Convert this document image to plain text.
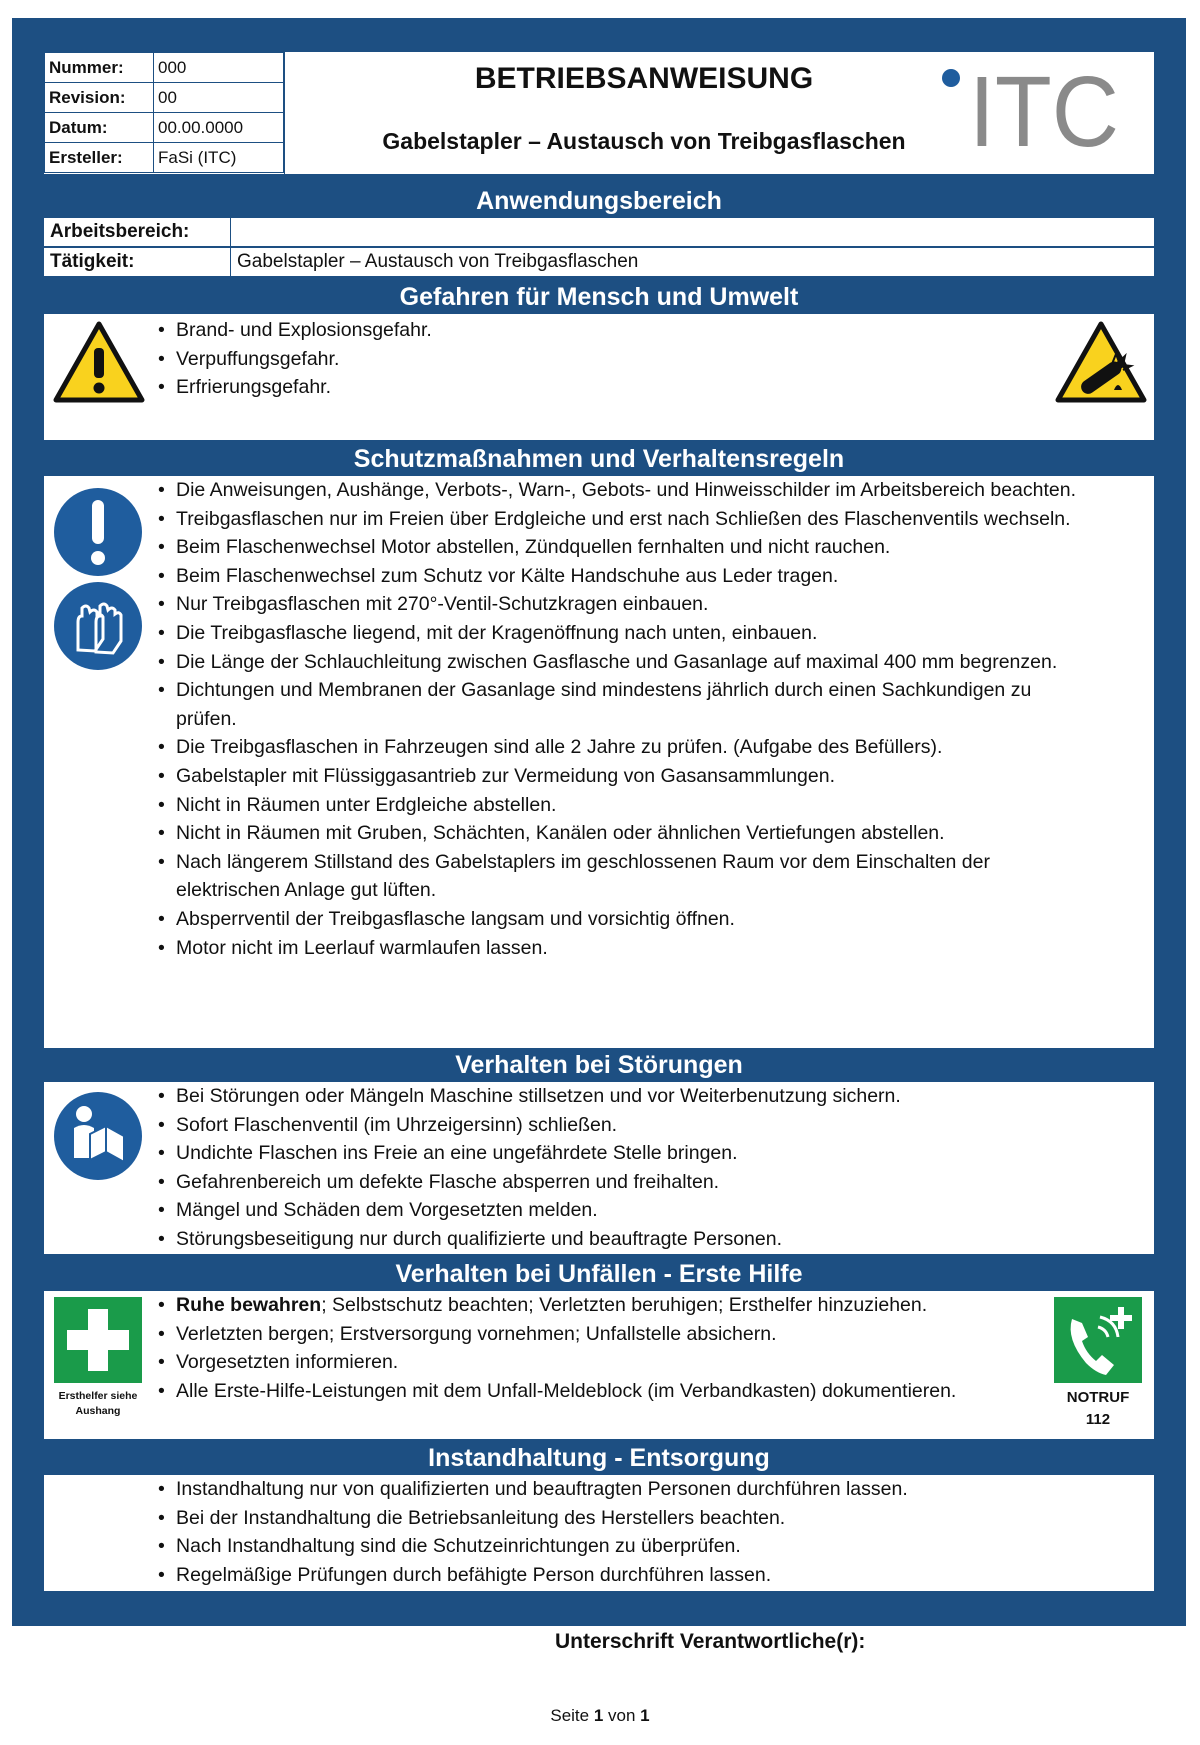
Nummer:	000
Revision:	00
Datum:	00.00.0000
Ersteller:	FaSi (ITC)
BETRIEBSANWEISUNG
Gabelstapler – Austausch von Treibgasflaschen ITC
Anwendungsbereich
Arbeitsbereich:
Tätigkeit:	Gabelstapler – Austausch von Treibgasflaschen
Gefahren für Mensch und Umwelt
• Brand- und Explosionsgefahr.
• Verpuffungsgefahr.
• Erfrierungsgefahr.
Schutzmaßnahmen und Verhaltensregeln
• Die Anweisungen, Aushänge, Verbots-, Warn-, Gebots- und Hinweisschilder im Arbeitsbereich beachten.
• Treibgasflaschen nur im Freien über Erdgleiche und erst nach Schließen des Flaschenventils wechseln.
• Beim Flaschenwechsel Motor abstellen, Zündquellen fernhalten und nicht rauchen.
• Beim Flaschenwechsel zum Schutz vor Kälte Handschuhe aus Leder tragen.
• Nur Treibgasflaschen mit 270°-Ventil-Schutzkragen einbauen.
• Die Treibgasflasche liegend, mit der Kragenöffnung nach unten, einbauen.
• Die Länge der Schlauchleitung zwischen Gasflasche und Gasanlage auf maximal 400 mm begrenzen.
• Dichtungen und Membranen der Gasanlage sind mindestens jährlich durch einen Sachkundigen zu prüfen.
• Die Treibgasflaschen in Fahrzeugen sind alle 2 Jahre zu prüfen. (Aufgabe des Befüllers).
• Gabelstapler mit Flüssiggasantrieb zur Vermeidung von Gasansammlungen.
• Nicht in Räumen unter Erdgleiche abstellen.
• Nicht in Räumen mit Gruben, Schächten, Kanälen oder ähnlichen Vertiefungen abstellen.
• Nach längerem Stillstand des Gabelstaplers im geschlossenen Raum vor dem Einschalten der elektrischen Anlage gut lüften.
• Absperrventil der Treibgasflasche langsam und vorsichtig öffnen.
• Motor nicht im Leerlauf warmlaufen lassen.
Verhalten bei Störungen
• Bei Störungen oder Mängeln Maschine stillsetzen und vor Weiterbenutzung sichern.
• Sofort Flaschenventil (im Uhrzeigersinn) schließen.
• Undichte Flaschen ins Freie an eine ungefährdete Stelle bringen.
• Gefahrenbereich um defekte Flasche absperren und freihalten.
• Mängel und Schäden dem Vorgesetzten melden.
• Störungsbeseitigung nur durch qualifizierte und beauftragte Personen.
Verhalten bei Unfällen - Erste Hilfe
Ersthelfer siehe
Aushang
• Ruhe bewahren; Selbstschutz beachten; Verletzten beruhigen; Ersthelfer hinzuziehen.
• Verletzten bergen; Erstversorgung vornehmen; Unfallstelle absichern.
• Vorgesetzten informieren.
• Alle Erste-Hilfe-Leistungen mit dem Unfall-Meldeblock (im Verbandkasten) dokumentieren.	NOTRUF
112
Instandhaltung - Entsorgung
• Instandhaltung nur von qualifizierten und beauftragten Personen durchführen lassen.
• Bei der Instandhaltung die Betriebsanleitung des Herstellers beachten.
• Nach Instandhaltung sind die Schutzeinrichtungen zu überprüfen.
• Regelmäßige Prüfungen durch befähigte Person durchführen lassen.
Unterschrift Verantwortliche(r):
Seite 1 von 1
